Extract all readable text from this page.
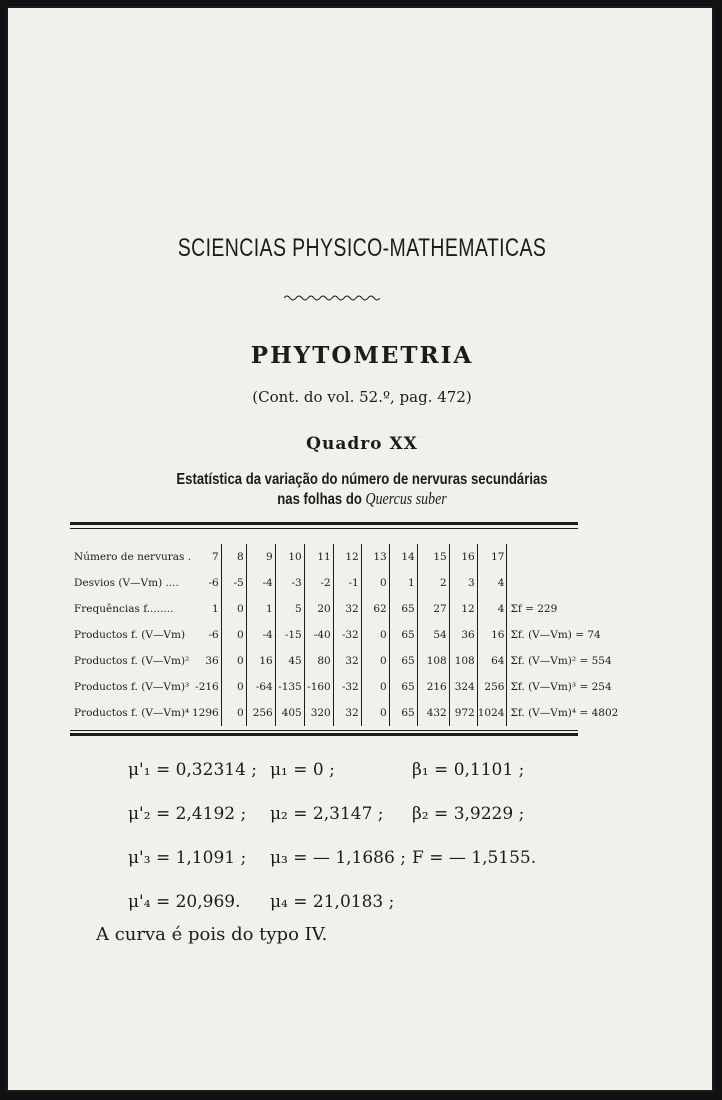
SCIENCIAS PHYSICO-MATHEMATICAS
PHYTOMETRIA
(Cont. do vol. 52.º, pag. 472)
Quadro XX
Estatística da variação do número de nervuras secundárias
nas folhas do Quercus suber
Número de nervuras .	7	8	9	10	11	12	13	14	15	16	17	
Desvios (V—Vm) ....	-6	-5	-4	-3	-2	-1	0	1	2	3	4	
Frequências f........	1	0	1	5	20	32	62	65	27	12	4	Σf = 229
Productos f. (V—Vm)	-6	0	-4	-15	-40	-32	0	65	54	36	16	Σf. (V—Vm) = 74
Productos f. (V—Vm)²	36	0	16	45	80	32	0	65	108	108	64	Σf. (V—Vm)² = 554
Productos f. (V—Vm)³	-216	0	-64	-135	-160	-32	0	65	216	324	256	Σf. (V—Vm)³ = 254
Productos f. (V—Vm)⁴	1296	0	256	405	320	32	0	65	432	972	1024	Σf. (V—Vm)⁴ = 4802
μ'₁ = 0,32314 ; μ₁ = 0 ;	β₁ = 0,1101 ;
μ'₂ = 2,4192 ; μ₂ = 2,3147 ; β₂ = 3,9229 ;
μ'₃ = 1,1091 ; μ₃ = — 1,1686 ; F = — 1,5155.
μ'₄ = 20,969. μ₄ = 21,0183 ;
A curva é pois do typo IV.
